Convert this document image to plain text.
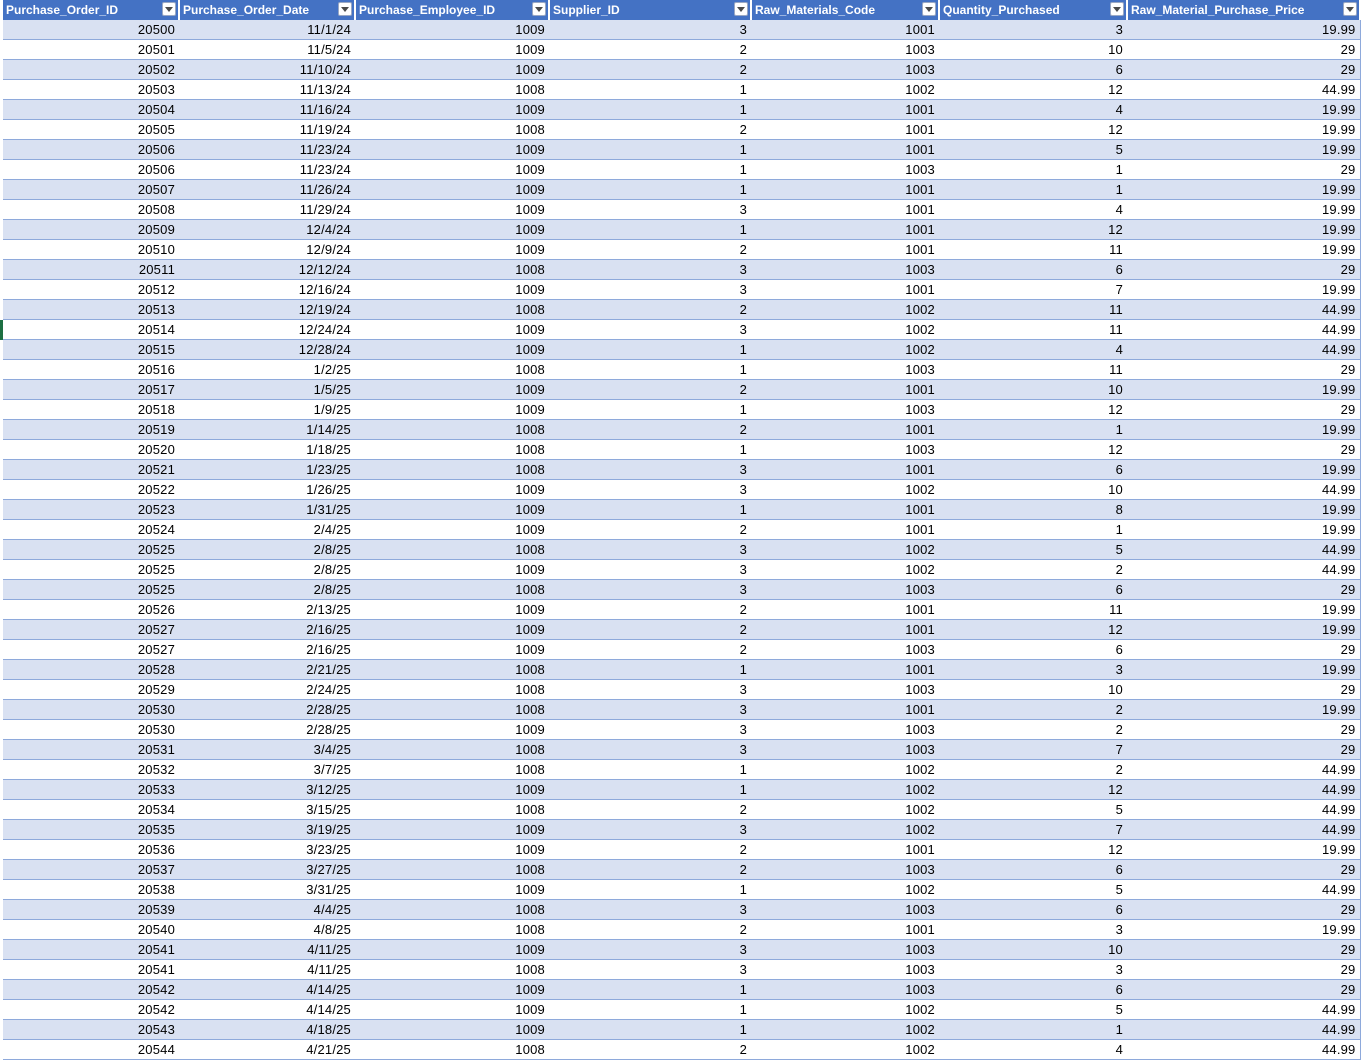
Purchase_Order_ID	Purchase_Order_Date	Purchase_Employee_ID	Supplier_ID	Raw_Materials_Code	Quantity_Purchased	Raw_Material_Purchase_Price

20500	11/1/24	1009	3	1001	3	19.99
20501	11/5/24	1009	2	1003	10	29
20502	11/10/24	1009	2	1003	6	29
20503	11/13/24	1008	1	1002	12	44.99
20504	11/16/24	1009	1	1001	4	19.99
20505	11/19/24	1008	2	1001	12	19.99
20506	11/23/24	1009	1	1001	5	19.99
20506	11/23/24	1009	1	1003	1	29
20507	11/26/24	1009	1	1001	1	19.99
20508	11/29/24	1009	3	1001	4	19.99
20509	12/4/24	1009	1	1001	12	19.99
20510	12/9/24	1009	2	1001	11	19.99
20511	12/12/24	1008	3	1003	6	29
20512	12/16/24	1009	3	1001	7	19.99
20513	12/19/24	1008	2	1002	11	44.99
20514	12/24/24	1009	3	1002	11	44.99
20515	12/28/24	1009	1	1002	4	44.99
20516	1/2/25	1008	1	1003	11	29
20517	1/5/25	1009	2	1001	10	19.99
20518	1/9/25	1009	1	1003	12	29
20519	1/14/25	1008	2	1001	1	19.99
20520	1/18/25	1008	1	1003	12	29
20521	1/23/25	1008	3	1001	6	19.99
20522	1/26/25	1009	3	1002	10	44.99
20523	1/31/25	1009	1	1001	8	19.99
20524	2/4/25	1009	2	1001	1	19.99
20525	2/8/25	1008	3	1002	5	44.99
20525	2/8/25	1009	3	1002	2	44.99
20525	2/8/25	1008	3	1003	6	29
20526	2/13/25	1009	2	1001	11	19.99
20527	2/16/25	1009	2	1001	12	19.99
20527	2/16/25	1009	2	1003	6	29
20528	2/21/25	1008	1	1001	3	19.99
20529	2/24/25	1008	3	1003	10	29
20530	2/28/25	1008	3	1001	2	19.99
20530	2/28/25	1009	3	1003	2	29
20531	3/4/25	1008	3	1003	7	29
20532	3/7/25	1008	1	1002	2	44.99
20533	3/12/25	1009	1	1002	12	44.99
20534	3/15/25	1008	2	1002	5	44.99
20535	3/19/25	1009	3	1002	7	44.99
20536	3/23/25	1009	2	1001	12	19.99
20537	3/27/25	1008	2	1003	6	29
20538	3/31/25	1009	1	1002	5	44.99
20539	4/4/25	1008	3	1003	6	29
20540	4/8/25	1008	2	1001	3	19.99
20541	4/11/25	1009	3	1003	10	29
20541	4/11/25	1008	3	1003	3	29
20542	4/14/25	1009	1	1003	6	29
20542	4/14/25	1009	1	1002	5	44.99
20543	4/18/25	1009	1	1002	1	44.99
20544	4/21/25	1008	2	1002	4	44.99
